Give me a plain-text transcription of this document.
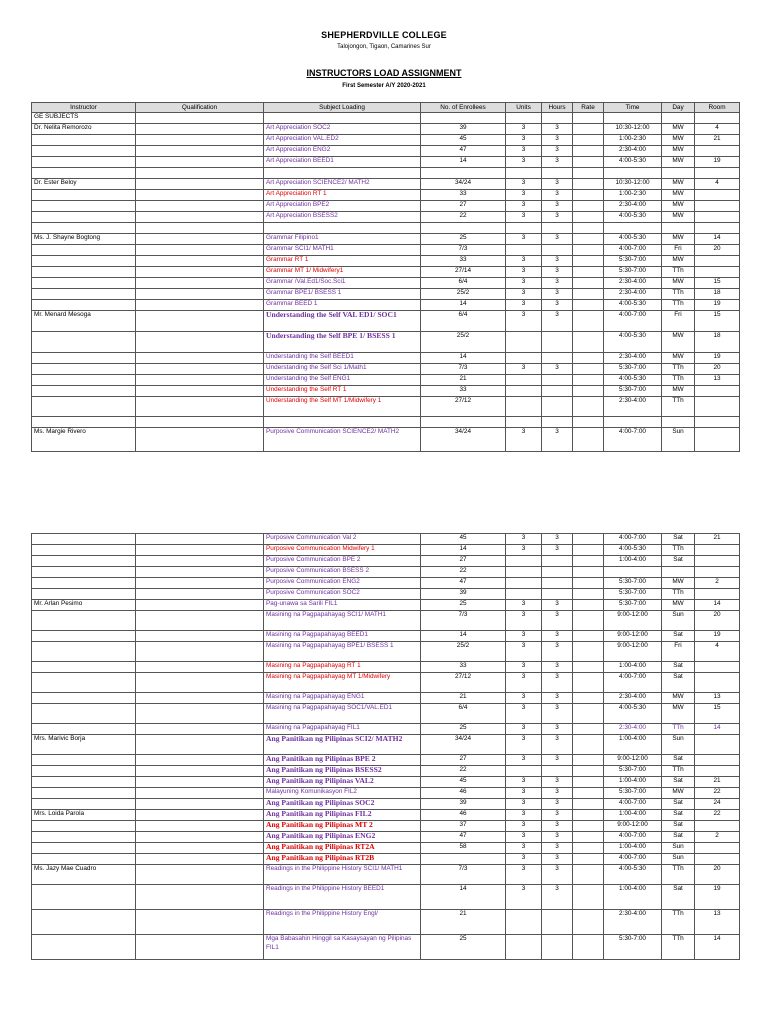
SHEPHERDVILLE COLLEGE
Talojongon, Tigaon, Camarines Sur
INSTRUCTORS LOAD ASSIGNMENT
First Semester A/Y 2020-2021
Instructor	Qualification	Subject Loading	No. of Enrollees	Units	Hours	Rate	Time	Day	Room
GE SUBJECTS									
Dr. Nelita Remorozo		Art Appreciation SOC2	39	3	3		10:30-12:00	MW	4
		Art Appreciation VAL.ED2	45	3	3		1:00-2:30	MW	21
		Art Appreciation ENG2	47	3	3		2:30-4:00	MW	
		Art Appreciation BEED1	14	3	3		4:00-5:30	MW	19

Dr. Ester Beloy		Art Appreciation SCIENCE2/ MATH2	34/24	3	3		10:30-12:00	MW	4
		Art Appreciation RT 1	33	3	3		1:00-2:30	MW	
		Art Appreciation BPE2	27	3	3		2:30-4:00	MW	
		Art Appreciation BSESS2	22	3	3		4:00-5:30	MW	

Ms. J. Shayne Bogtong		Grammar Filipino1	25	3	3		4:00-5:30	MW	14
		Grammar SCI1/ MATH1	7/3				4:00-7:00	Fri	20
		Grammar RT 1	33	3	3		5:30-7:00	MW	
		Grammar MT 1/ Midwifery1	27/14	3	3		5:30-7:00	TTh	
		Grammar /Val.Ed1/Soc.Sci1	6/4	3	3		2:30-4:00	MW	15
		Grammar BPE1/ BSESS 1	25/2	3	3		2:30-4:00	TTh	18
		Grammar BEED 1	14	3	3		4:00-5:30	TTh	19
Mr. Menard Mesoga		Understanding the Self VAL ED1/ SOC1	6/4	3	3		4:00-7:00	Fri	15
		Understanding the Self BPE 1/ BSESS 1	25/2				4:00-5:30	MW	18
		Understanding the Self BEED1	14				2:30-4:00	MW	19
		Understanding the Self Sci 1/Math1	7/3	3	3		5:30-7:00	TTh	20
		Understanding the Self ENG1	21				4:00-5:30	TTh	13
		Understanding the Self RT 1	33				5:30-7:00	MW	
		Understanding the Self MT 1/Midwifery 1	27/12				2:30-4:00	TTh	

Ms. Margie Rivero		Purposive Communication SCIENCE2/ MATH2	34/24	3	3		4:00-7:00	Sun	
		Purposive Communication Val 2	45	3	3		4:00-7:00	Sat	21
		Purposive Communication Midwifery 1	14	3	3		4:00-5:30	TTh	
		Purposive Communication BPE 2	27				1:00-4:00	Sat	
		Purposive Communication BSESS 2	22						
		Purposive Communication ENG2	47				5:30-7:00	MW	2
		Purposive Communication SOC2	39				5:30-7:00	TTh	
Mr. Arlan Pesimo		Pag-unawa sa Sarili FIL1	25	3	3		5:30-7:00	MW	14
		Masining na Pagpapahayag SCI1/ MATH1	7/3	3	3		9:00-12:00	Sun	20
		Masining na Pagpapahayag BEED1	14	3	3		9:00-12:00	Sat	19
		Masining na Pagpapahayag BPE1/ BSESS 1	25/2	3	3		9:00-12:00	Fri	4
		Masining na Pagpapahayag RT 1	33	3	3		1:00-4:00	Sat	
		Masining na Pagpapahayag MT 1/Midwifery	27/12	3	3		4:00-7:00	Sat	
		Masining na Pagpapahayag ENG1	21	3	3		2:30-4:00	MW	13
		Masining na Pagpapahayag SOC1/VAL.ED1	6/4	3	3		4:00-5:30	MW	15
		Masining na Pagpapahayag FIL1	25	3	3		2:30-4:00	TTh	14
Mrs. Marivic Borja		Ang Panitikan ng Pilipinas SCI2/ MATH2	34/24	3	3		1:00-4:00	Sun	
		Ang Panitikan ng Pilipinas BPE 2	27	3	3		9:00-12:00	Sat	
		Ang Panitikan ng Pilipinas BSESS2	22				5:30-7:00	TTh	
		Ang Panitikan ng Pilipinas VAL2	45	3	3		1:00-4:00	Sat	21
		Malayuning Komunikasyon FIL2	46	3	3		5:30-7:00	MW	22
		Ang Panitikan ng Pilipinas SOC2	39	3	3		4:00-7:00	Sat	24
Mrs. Loida Parola		Ang Panitikan ng Pilipinas FIL2	46	3	3		1:00-4:00	Sat	22
		Ang Panitikan ng Pilipinas MT 2	37	3	3		9:00-12:00	Sat	
		Ang Panitikan ng Pilipinas ENG2	47	3	3		4:00-7:00	Sat	2
		Ang Panitikan ng Pilipinas RT2A	58	3	3		1:00-4:00	Sun	
		Ang Panitikan ng Pilipinas RT2B		3	3		4:00-7:00	Sun	
Ms. Jazy Mae Cuadro		Readings in the Philippine History SCI1/ MATH1	7/3	3	3		4:00-5:30	TTh	20
		Readings in the Philippine History BEED1	14	3	3		1:00-4:00	Sat	19
		Readings in the Philippine History Engl/	21				2:30-4:00	TTh	13
		Mga Babasahin Hinggil sa Kasaysayan ng Pilipinas FIL1	25				5:30-7:00	TTh	14
